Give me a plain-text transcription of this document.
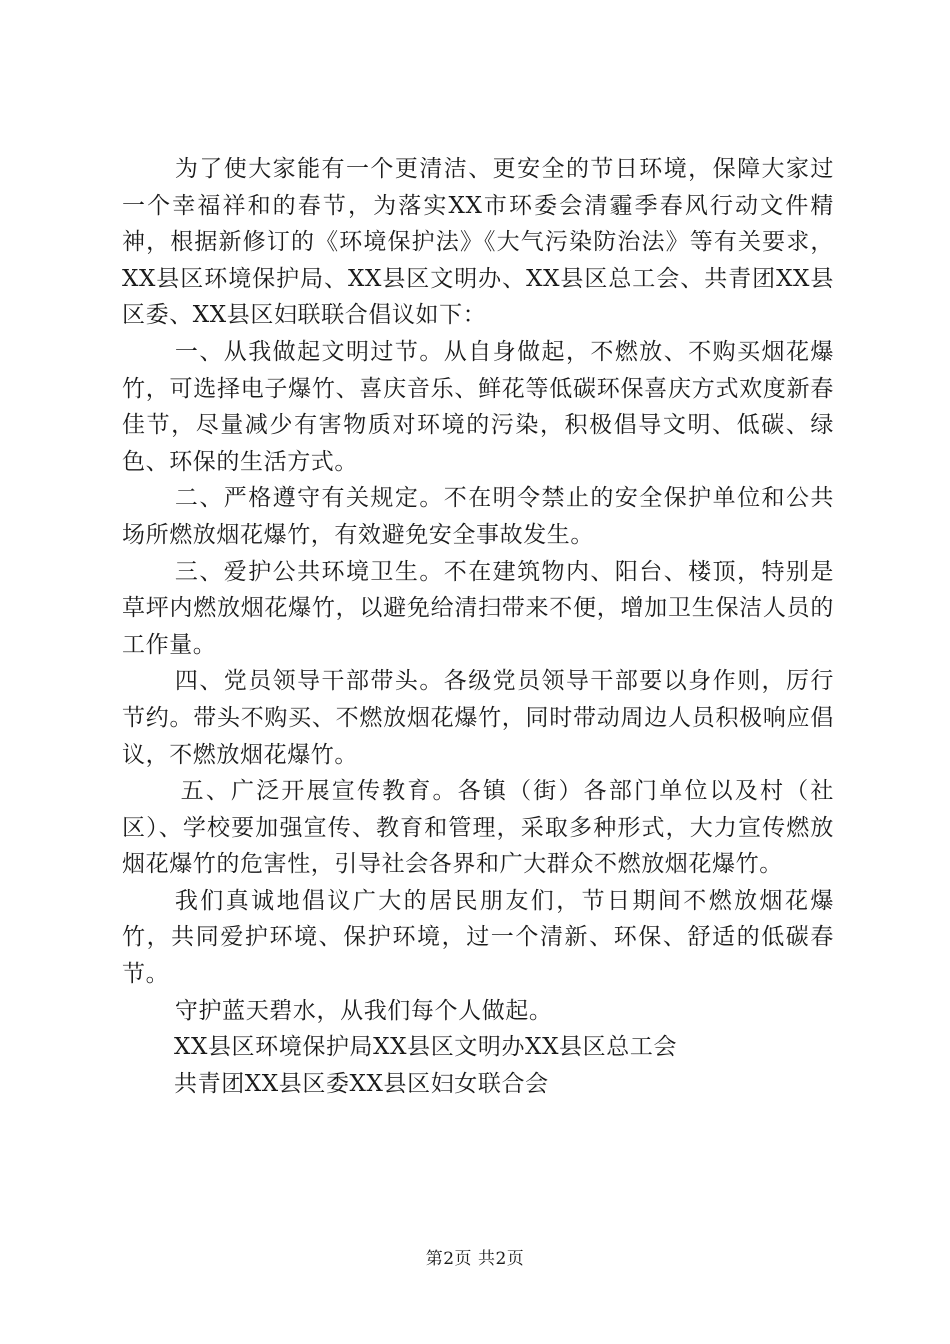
为了使大家能有一个更清洁、更安全的节日环境，保障大家过一个幸福祥和的春节，为落实XX市环委会清霾季春风行动文件精神，根据新修订的《环境保护法》《大气污染防治法》等有关要求，XX县区环境保护局、XX县区文明办、XX县区总工会、共青团XX县区委、XX县区妇联联合倡议如下：

一、从我做起文明过节。从自身做起，不燃放、不购买烟花爆竹，可选择电子爆竹、喜庆音乐、鲜花等低碳环保喜庆方式欢度新春佳节，尽量减少有害物质对环境的污染，积极倡导文明、低碳、绿色、环保的生活方式。

二、严格遵守有关规定。不在明令禁止的安全保护单位和公共场所燃放烟花爆竹，有效避免安全事故发生。

三、爱护公共环境卫生。不在建筑物内、阳台、楼顶，特别是草坪内燃放烟花爆竹，以避免给清扫带来不便，增加卫生保洁人员的工作量。

四、党员领导干部带头。各级党员领导干部要以身作则，厉行节约。带头不购买、不燃放烟花爆竹，同时带动周边人员积极响应倡议，不燃放烟花爆竹。

五、广泛开展宣传教育。各镇（街）各部门单位以及村（社区）、学校要加强宣传、教育和管理，采取多种形式，大力宣传燃放烟花爆竹的危害性，引导社会各界和广大群众不燃放烟花爆竹。

我们真诚地倡议广大的居民朋友们，节日期间不燃放烟花爆竹，共同爱护环境、保护环境，过一个清新、环保、舒适的低碳春节。

守护蓝天碧水，从我们每个人做起。

XX县区环境保护局XX县区文明办XX县区总工会

共青团XX县区委XX县区妇女联合会

第2页 共2页
